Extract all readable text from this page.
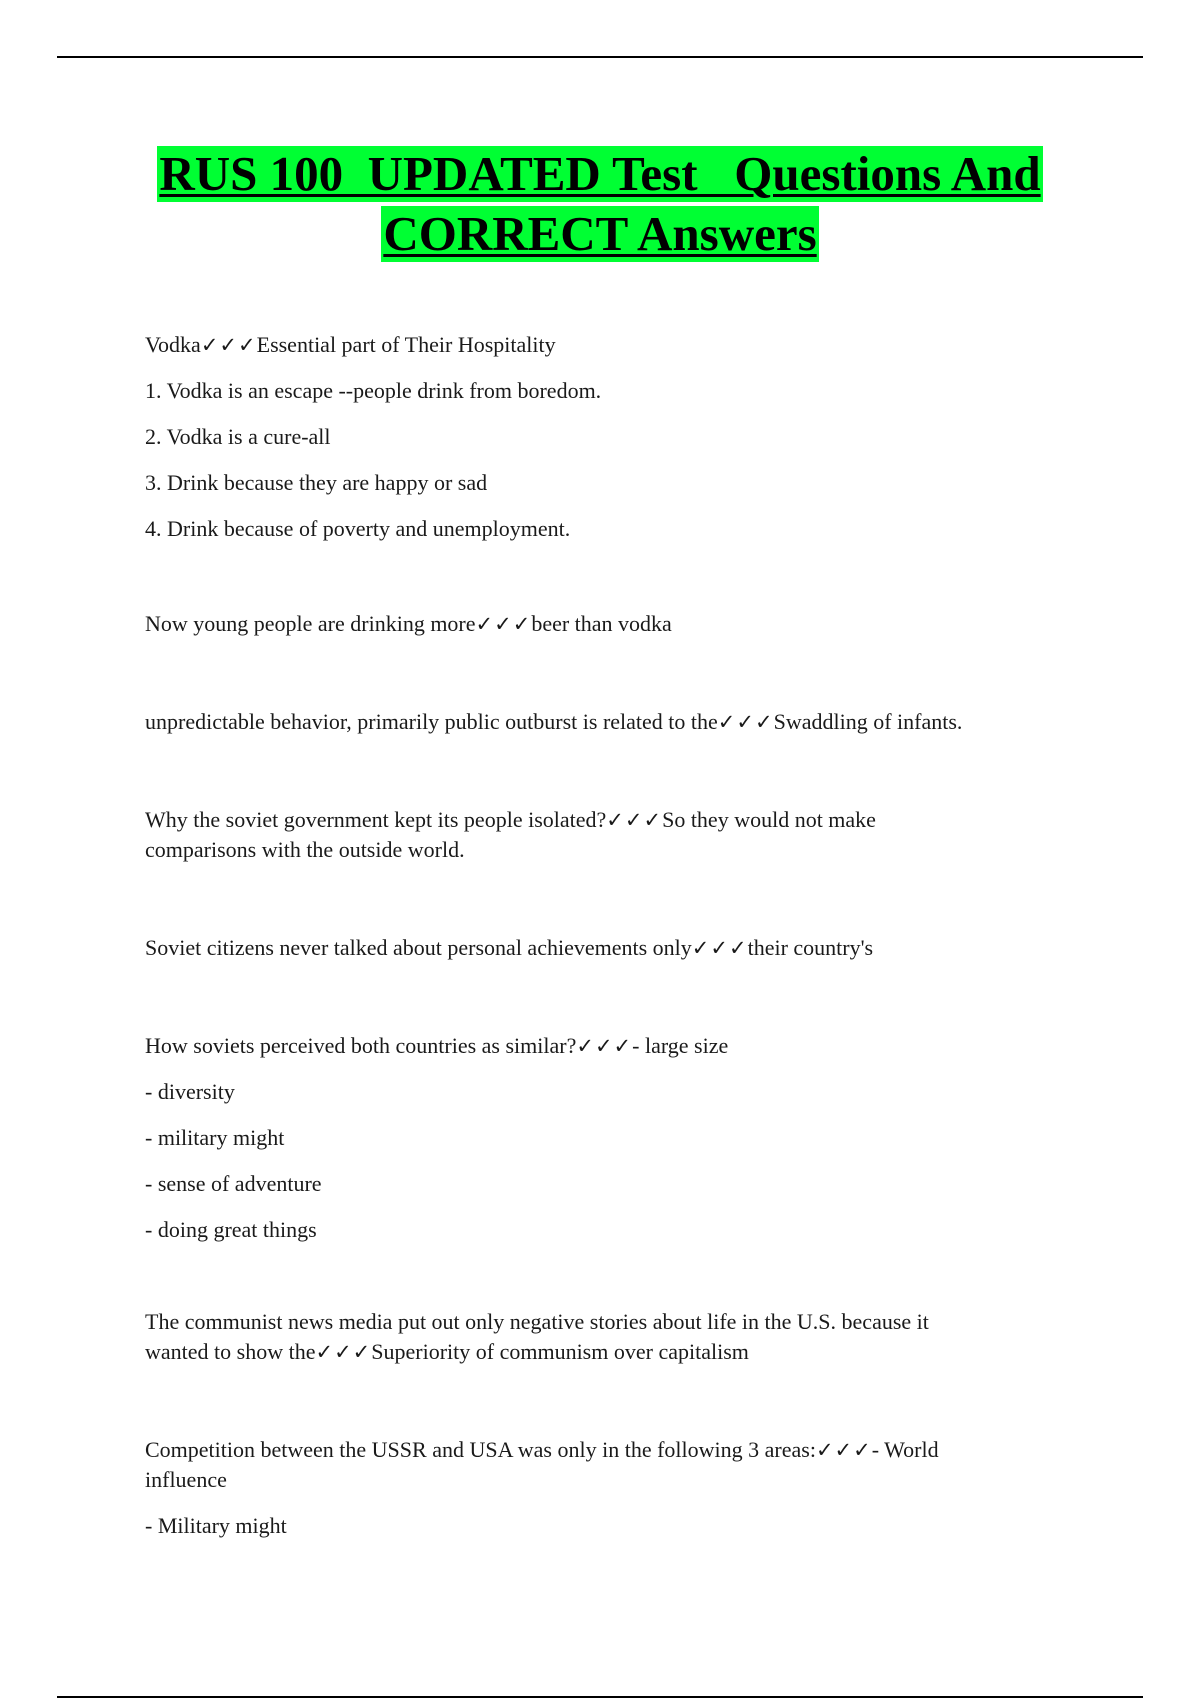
RUS 100  UPDATED Test   Questions And
CORRECT Answers

Vodka✓✓✓Essential part of Their Hospitality

1. Vodka is an escape --people drink from boredom.

2. Vodka is a cure-all

3. Drink because they are happy or sad

4. Drink because of poverty and unemployment.

Now young people are drinking more✓✓✓beer than vodka

unpredictable behavior, primarily public outburst is related to the✓✓✓Swaddling of infants.

Why the soviet government kept its people isolated?✓✓✓So they would not make

comparisons with the outside world.

Soviet citizens never talked about personal achievements only✓✓✓their country's

How soviets perceived both countries as similar?✓✓✓- large size

- diversity

- military might

- sense of adventure

- doing great things

The communist news media put out only negative stories about life in the U.S. because it

wanted to show the✓✓✓Superiority of communism over capitalism

Competition between the USSR and USA was only in the following 3 areas:✓✓✓- World

influence

- Military might
